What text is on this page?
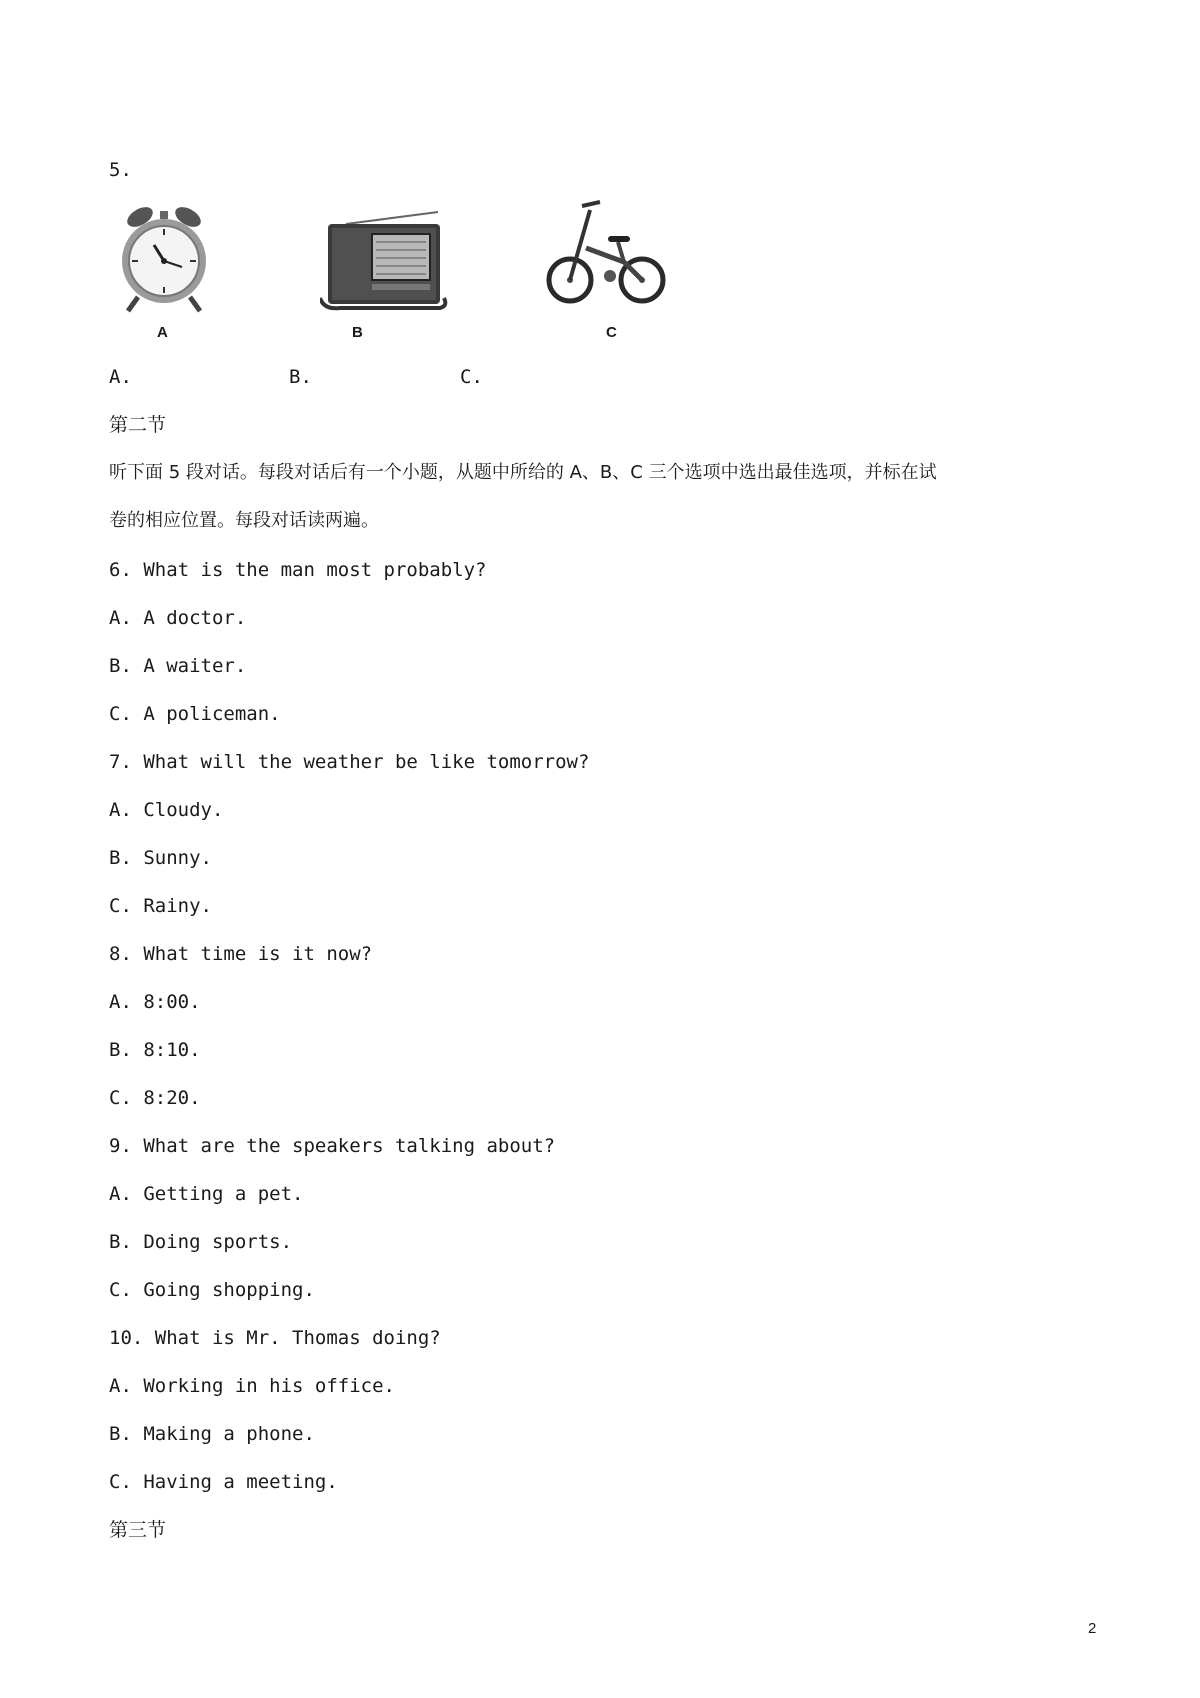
5.
A	B	C
A.	B.	C.
第二节
听下面 5 段对话。每段对话后有一个小题，从题中所给的 A、B、C 三个选项中选出最佳选项，并标在试
卷的相应位置。每段对话读两遍。
6. What is the man most probably?
A. A doctor.
B. A waiter.
C. A policeman.
7. What will the weather be like tomorrow?
A. Cloudy.
B. Sunny.
C. Rainy.
8. What time is it now?
A. 8:00.
B. 8:10.
C. 8:20.
9. What are the speakers talking about?
A. Getting a pet.
B. Doing sports.
C. Going shopping.
10. What is Mr. Thomas doing?
A. Working in his office.
B. Making a phone.
C. Having a meeting.
第三节
2
